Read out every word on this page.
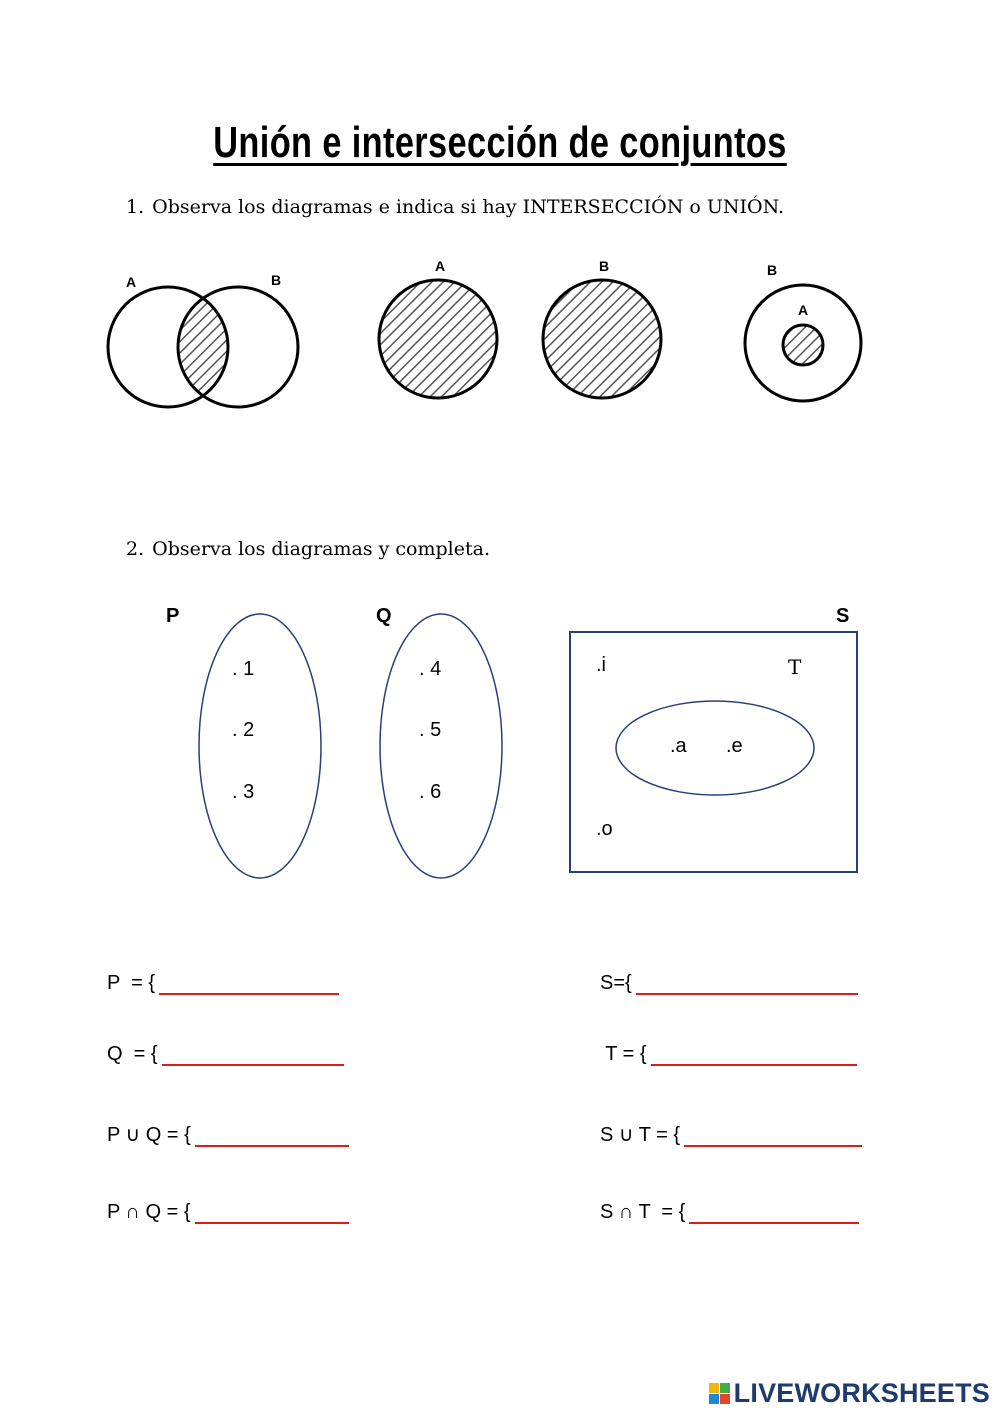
Unión e intersección de conjuntos
1. Observa los diagramas e indica si hay INTERSECCIÓN o UNIÓN.
A	B
A	B
A
B
2. Observa los diagramas y completa.
P
. 1
. 2
. 3
Q
. 4
. 5
. 6
S
T
.i
.o
.a .e
P  = {
Q  = {
P ∪ Q = {
P ∩ Q = {
S={
T = {
S ∪ T = {
S ∩ T  = {
LIVEWORKSHEETS
